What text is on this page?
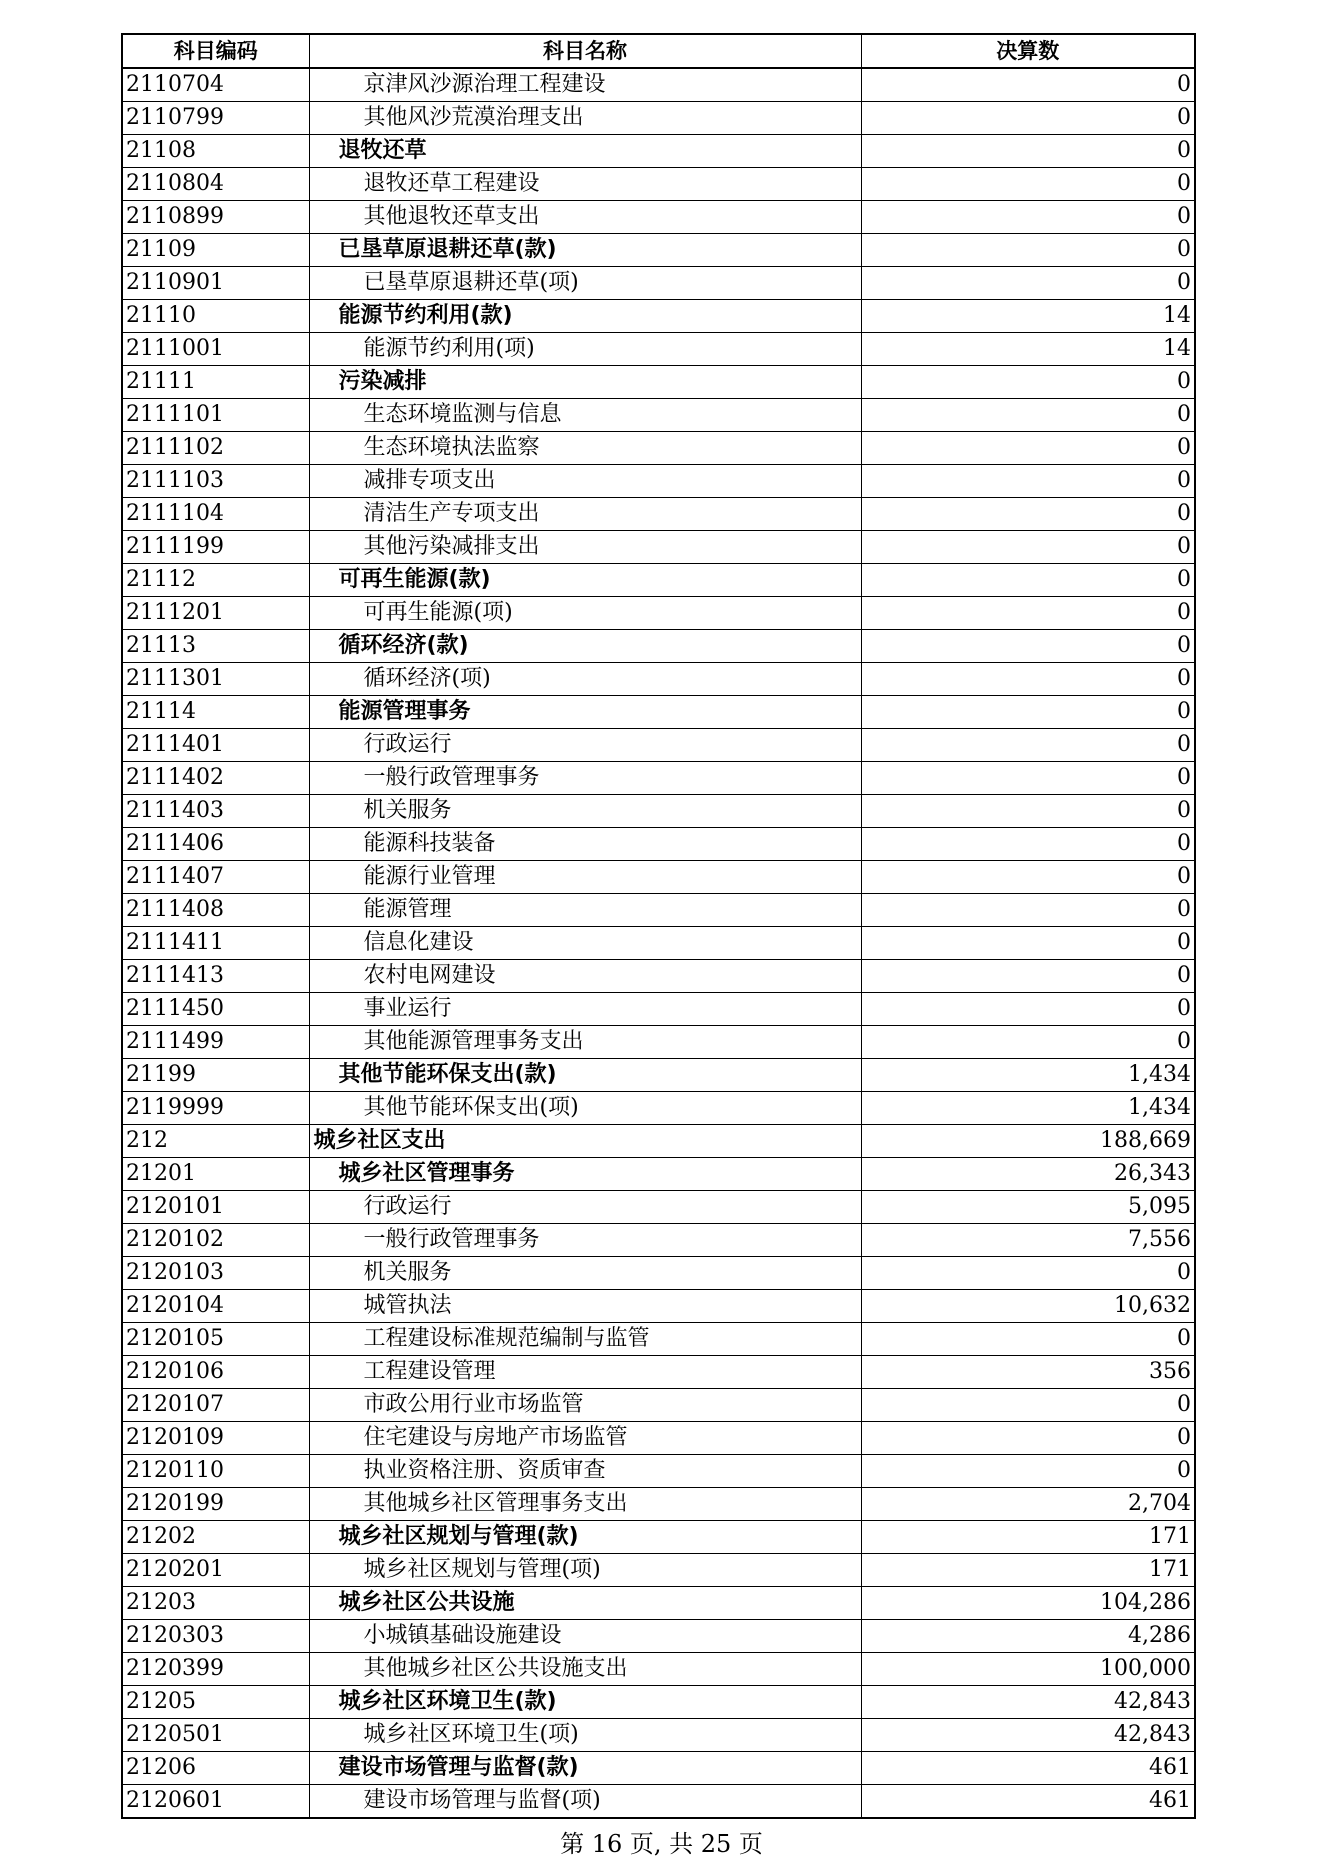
科目编码	科目名称	决算数
2110704	京津风沙源治理工程建设	0
2110799	其他风沙荒漠治理支出	0
21108	退牧还草	0
2110804	退牧还草工程建设	0
2110899	其他退牧还草支出	0
21109	已垦草原退耕还草(款)	0
2110901	已垦草原退耕还草(项)	0
21110	能源节约利用(款)	14
2111001	能源节约利用(项)	14
21111	污染减排	0
2111101	生态环境监测与信息	0
2111102	生态环境执法监察	0
2111103	减排专项支出	0
2111104	清洁生产专项支出	0
2111199	其他污染减排支出	0
21112	可再生能源(款)	0
2111201	可再生能源(项)	0
21113	循环经济(款)	0
2111301	循环经济(项)	0
21114	能源管理事务	0
2111401	行政运行	0
2111402	一般行政管理事务	0
2111403	机关服务	0
2111406	能源科技装备	0
2111407	能源行业管理	0
2111408	能源管理	0
2111411	信息化建设	0
2111413	农村电网建设	0
2111450	事业运行	0
2111499	其他能源管理事务支出	0
21199	其他节能环保支出(款)	1,434
2119999	其他节能环保支出(项)	1,434
212	城乡社区支出	188,669
21201	城乡社区管理事务	26,343
2120101	行政运行	5,095
2120102	一般行政管理事务	7,556
2120103	机关服务	0
2120104	城管执法	10,632
2120105	工程建设标准规范编制与监管	0
2120106	工程建设管理	356
2120107	市政公用行业市场监管	0
2120109	住宅建设与房地产市场监管	0
2120110	执业资格注册、资质审查	0
2120199	其他城乡社区管理事务支出	2,704
21202	城乡社区规划与管理(款)	171
2120201	城乡社区规划与管理(项)	171
21203	城乡社区公共设施	104,286
2120303	小城镇基础设施建设	4,286
2120399	其他城乡社区公共设施支出	100,000
21205	城乡社区环境卫生(款)	42,843
2120501	城乡社区环境卫生(项)	42,843
21206	建设市场管理与监督(款)	461
2120601	建设市场管理与监督(项)	461
第 16 页, 共 25 页
